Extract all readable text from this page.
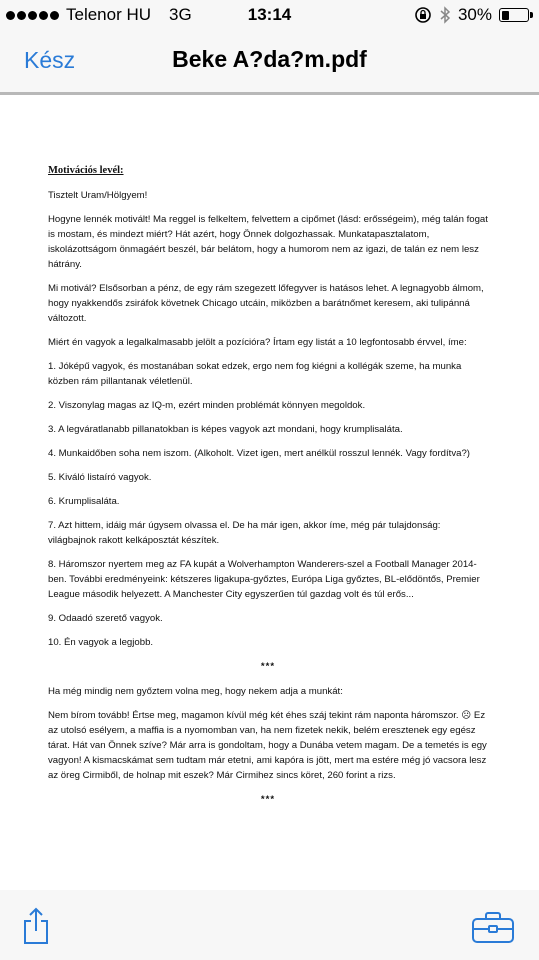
Telenor HU 3G	13:14	30%
Kész	Beke A?da?m.pdf
Motivációs levél:

Tisztelt Uram/Hölgyem!

Hogyne lennék motivált! Ma reggel is felkeltem, felvettem a cipőmet (lásd: erősségeim), még talán fogat is mostam, és mindezt miért? Hát azért, hogy Önnek dolgozhassak. Munkatapasztalatom, iskolázottságom önmagáért beszél, bár belátom, hogy a humorom nem az igazi, de talán ez nem lesz hátrány.

Mi motivál? Elsősorban a pénz, de egy rám szegezett lőfegyver is hatásos lehet. A legnagyobb álmom, hogy nyakkendős zsiráfok követnek Chicago utcáin, miközben a barátnőmet keresem, aki tulipánná változott.

Miért én vagyok a legalkalmasabb jelölt a pozícióra? Írtam egy listát a 10 legfontosabb érvvel, íme:

1. Jóképű vagyok, és mostanában sokat edzek, ergo nem fog kiégni a kollégák szeme, ha munka közben rám pillantanak véletlenül.

2. Viszonylag magas az IQ-m, ezért minden problémát könnyen megoldok.

3. A legváratlanabb pillanatokban is képes vagyok azt mondani, hogy krumplisaláta.

4. Munkaidőben soha nem iszom. (Alkoholt. Vizet igen, mert anélkül rosszul lennék. Vagy fordítva?)

5. Kiváló listaíró vagyok.

6. Krumplisaláta.

7. Azt hittem, idáig már úgysem olvassa el. De ha már igen, akkor íme, még pár tulajdonság: világbajnok rakott kelkáposztát készítek.

8. Háromszor nyertem meg az FA kupát a Wolverhampton Wanderers-szel a Football Manager 2014-ben. További eredményeink: kétszeres ligakupa-győztes, Európa Liga győztes, BL-elődöntős, Premier League második helyezett. A Manchester City egyszerűen túl gazdag volt és túl erős...

9. Odaadó szerető vagyok.

10. Én vagyok a legjobb.

***

Ha még mindig nem győztem volna meg, hogy nekem adja a munkát:

Nem bírom tovább! Értse meg, magamon kívül még két éhes száj tekint rám naponta háromszor. ☹ Ez az utolsó esélyem, a maffia is a nyomomban van, ha nem fizetek nekik, belém eresztenek egy egész tárat. Hát van Önnek szíve? Már arra is gondoltam, hogy a Dunába vetem magam. De a temetés is egy vagyon! A kismacskámat sem tudtam már etetni, ami kapóra is jött, mert ma estére még jó vacsora lesz az öreg Cirmiből, de holnap mit eszek? Már Cirmihez sincs köret, 260 forint a rizs.

***
